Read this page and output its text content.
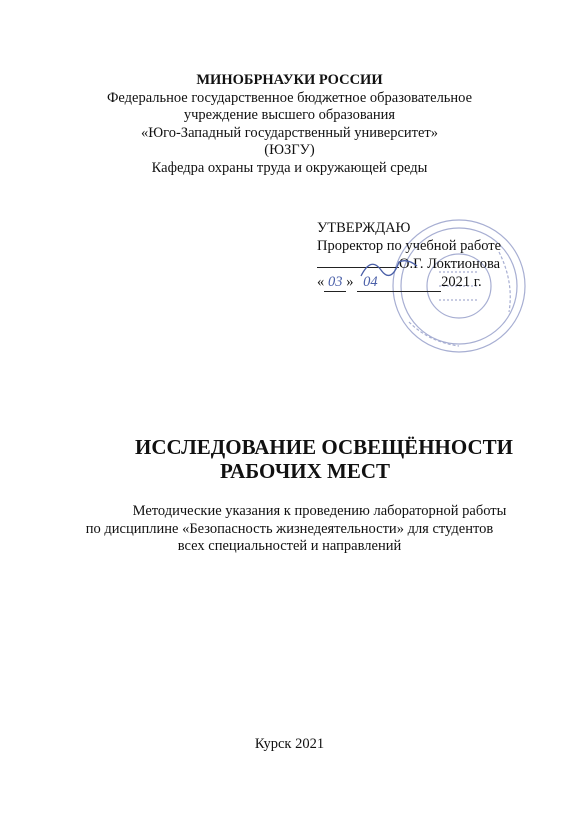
МИНОБРНАУКИ РОССИИ
Федеральное государственное бюджетное образовательное
учреждение высшего образования
«Юго-Западный государственный университет»
(ЮЗГУ)
Кафедра охраны труда и окружающей среды
УТВЕРЖДАЮ
Проректор по учебной работе
О.Г. Локтионова
« 03 » 04	2021 г.
ИССЛЕДОВАНИЕ ОСВЕЩЁННОСТИ
РАБОЧИХ МЕСТ
Методические указания к проведению лабораторной работы
по дисциплине «Безопасность жизнедеятельности» для студентов
всех специальностей и направлений
Курск 2021
